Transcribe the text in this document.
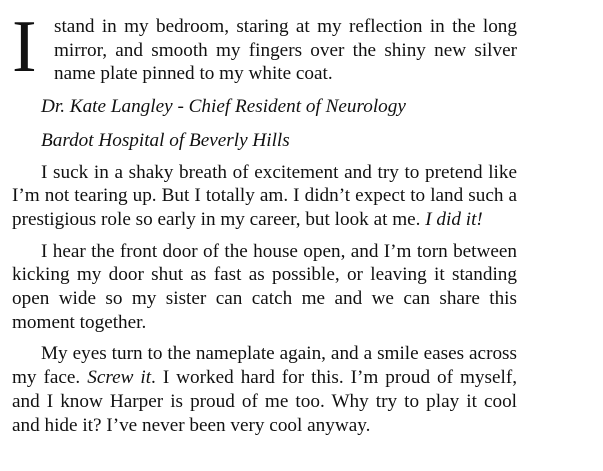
I stand in my bedroom, staring at my reflection in the long mirror, and smooth my fingers over the shiny new silver name plate pinned to my white coat.

Dr. Kate Langley - Chief Resident of Neurology

Bardot Hospital of Beverly Hills

I suck in a shaky breath of excitement and try to pretend like I’m not tearing up. But I totally am. I didn’t expect to land such a prestigious role so early in my career, but look at me. I did it!

I hear the front door of the house open, and I’m torn between kicking my door shut as fast as possible, or leaving it standing open wide so my sister can catch me and we can share this moment together.

My eyes turn to the nameplate again, and a smile eases across my face. Screw it. I worked hard for this. I’m proud of myself, and I know Harper is proud of me too. Why try to play it cool and hide it? I’ve never been very cool anyway.
